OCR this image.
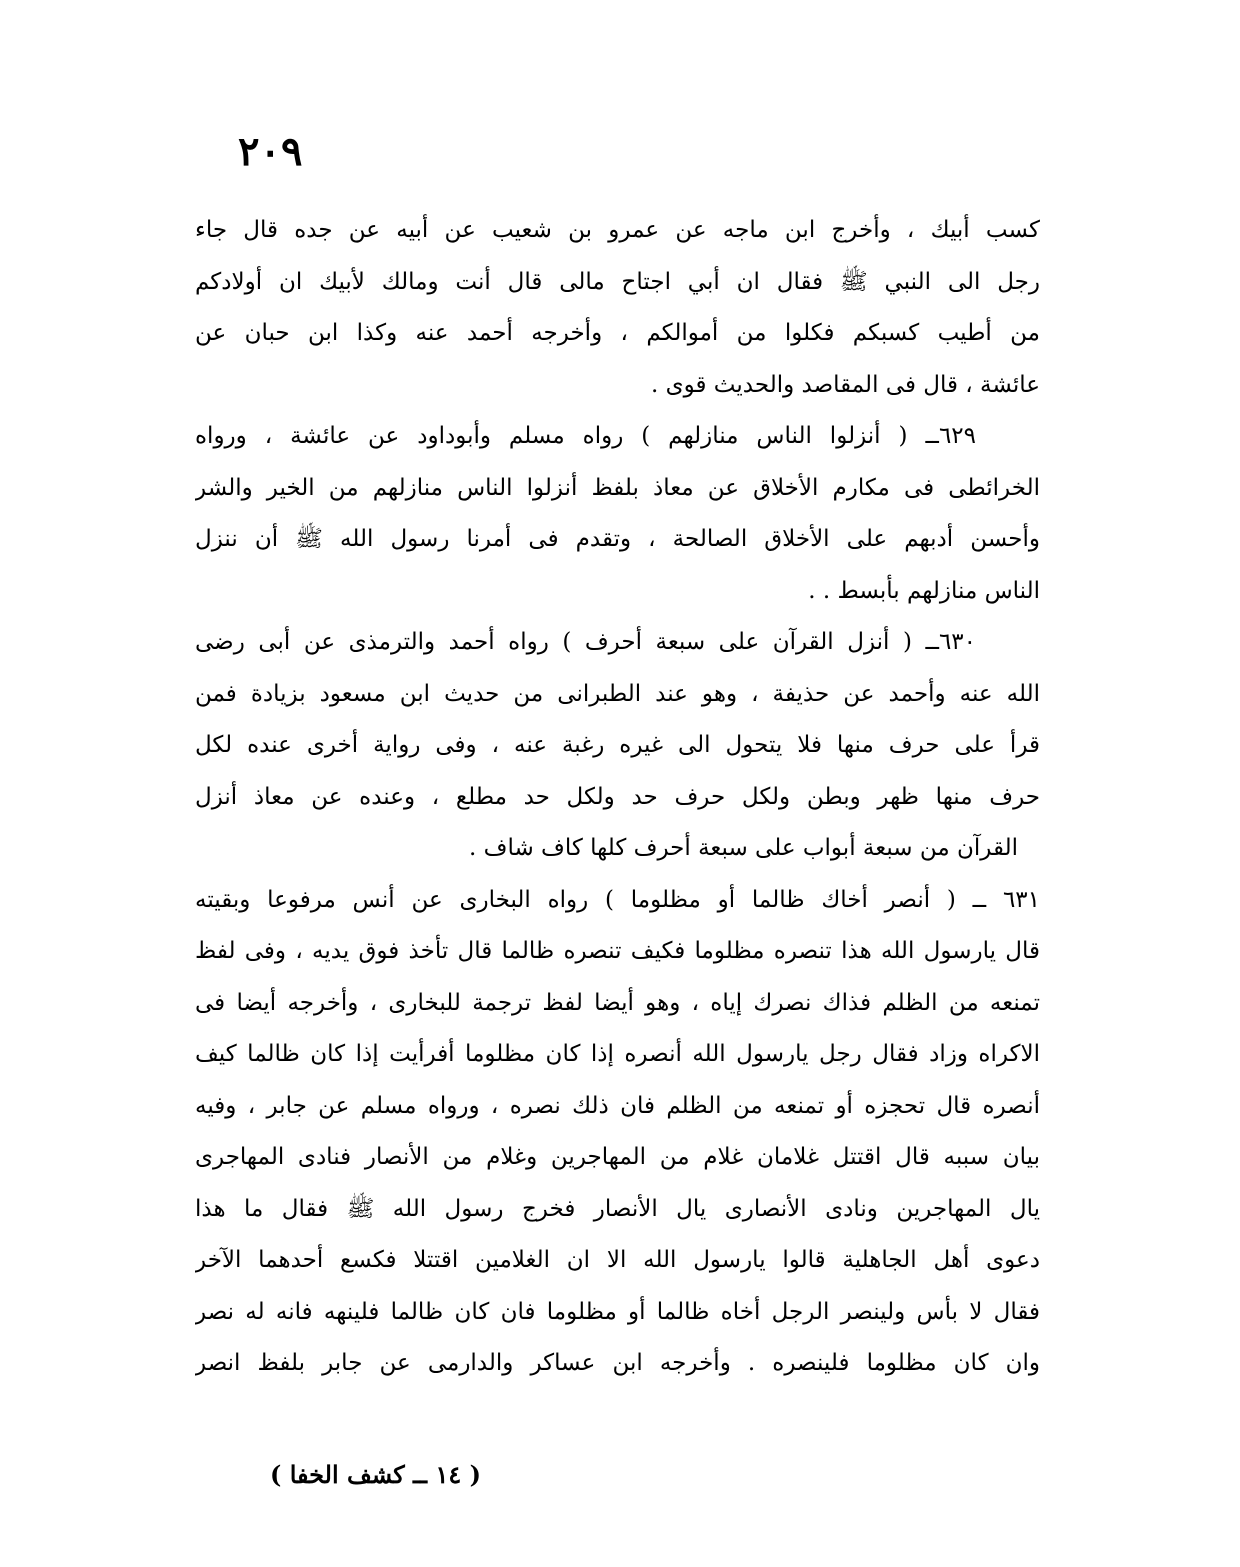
٢٠٩
كسب أبيك ، وأخرج ابن ماجه عن عمرو بن شعيب عن أبيه عن جده قال جاء
رجل الى النبي ﷺ فقال ان أبي اجتاح مالى قال أنت ومالك لأبيك ان أولادكم
من أطيب كسبكم فكلوا من أموالكم ، وأخرجه أحمد عنه وكذا ابن حبان عن
عائشة ، قال فى المقاصد والحديث قوى .
٦٢٩ــ ( أنزلوا الناس منازلهم ) رواه مسلم وأبوداود عن عائشة ، ورواه
الخرائطى فى مكارم الأخلاق عن معاذ بلفظ أنزلوا الناس منازلهم من الخير والشر
وأحسن أدبهم على الأخلاق الصالحة ، وتقدم فى أمرنا رسول الله ﷺ أن ننزل
الناس منازلهم بأبسط . .
٦٣٠ــ ( أنزل القرآن على سبعة أحرف ) رواه أحمد والترمذى عن أبى رضى
الله عنه وأحمد عن حذيفة ، وهو عند الطبرانى من حديث ابن مسعود بزيادة فمن
قرأ على حرف منها فلا يتحول الى غيره رغبة عنه ، وفى رواية أخرى عنده لكل
حرف منها ظهر وبطن ولكل حرف حد ولكل حد مطلع ، وعنده عن معاذ أنزل
القرآن من سبعة أبواب على سبعة أحرف كلها كاف شاف .
٦٣١ ــ ( أنصر أخاك ظالما أو مظلوما ) رواه البخارى عن أنس مرفوعا وبقيته
قال يارسول الله هذا تنصره مظلوما فكيف تنصره ظالما قال تأخذ فوق يديه ، وفى لفظ
تمنعه من الظلم فذاك نصرك إياه ، وهو أيضا لفظ ترجمة للبخارى ، وأخرجه أيضا فى
الاكراه وزاد فقال رجل يارسول الله أنصره إذا كان مظلوما أفرأيت إذا كان ظالما كيف
أنصره قال تحجزه أو تمنعه من الظلم فان ذلك نصره ، ورواه مسلم عن جابر ، وفيه
بيان سببه قال اقتتل غلامان غلام من المهاجرين وغلام من الأنصار فنادى المهاجرى
يال المهاجرين ونادى الأنصارى يال الأنصار فخرج رسول الله ﷺ فقال ما هذا
دعوى أهل الجاهلية قالوا يارسول الله الا ان الغلامين اقتتلا فكسع أحدهما الآخر
فقال لا بأس ولينصر الرجل أخاه ظالما أو مظلوما فان كان ظالما فلينهه فانه له نصر
وان كان مظلوما فلينصره . وأخرجه ابن عساكر والدارمى عن جابر بلفظ انصر
( ١٤ ــ كشف الخفا )
